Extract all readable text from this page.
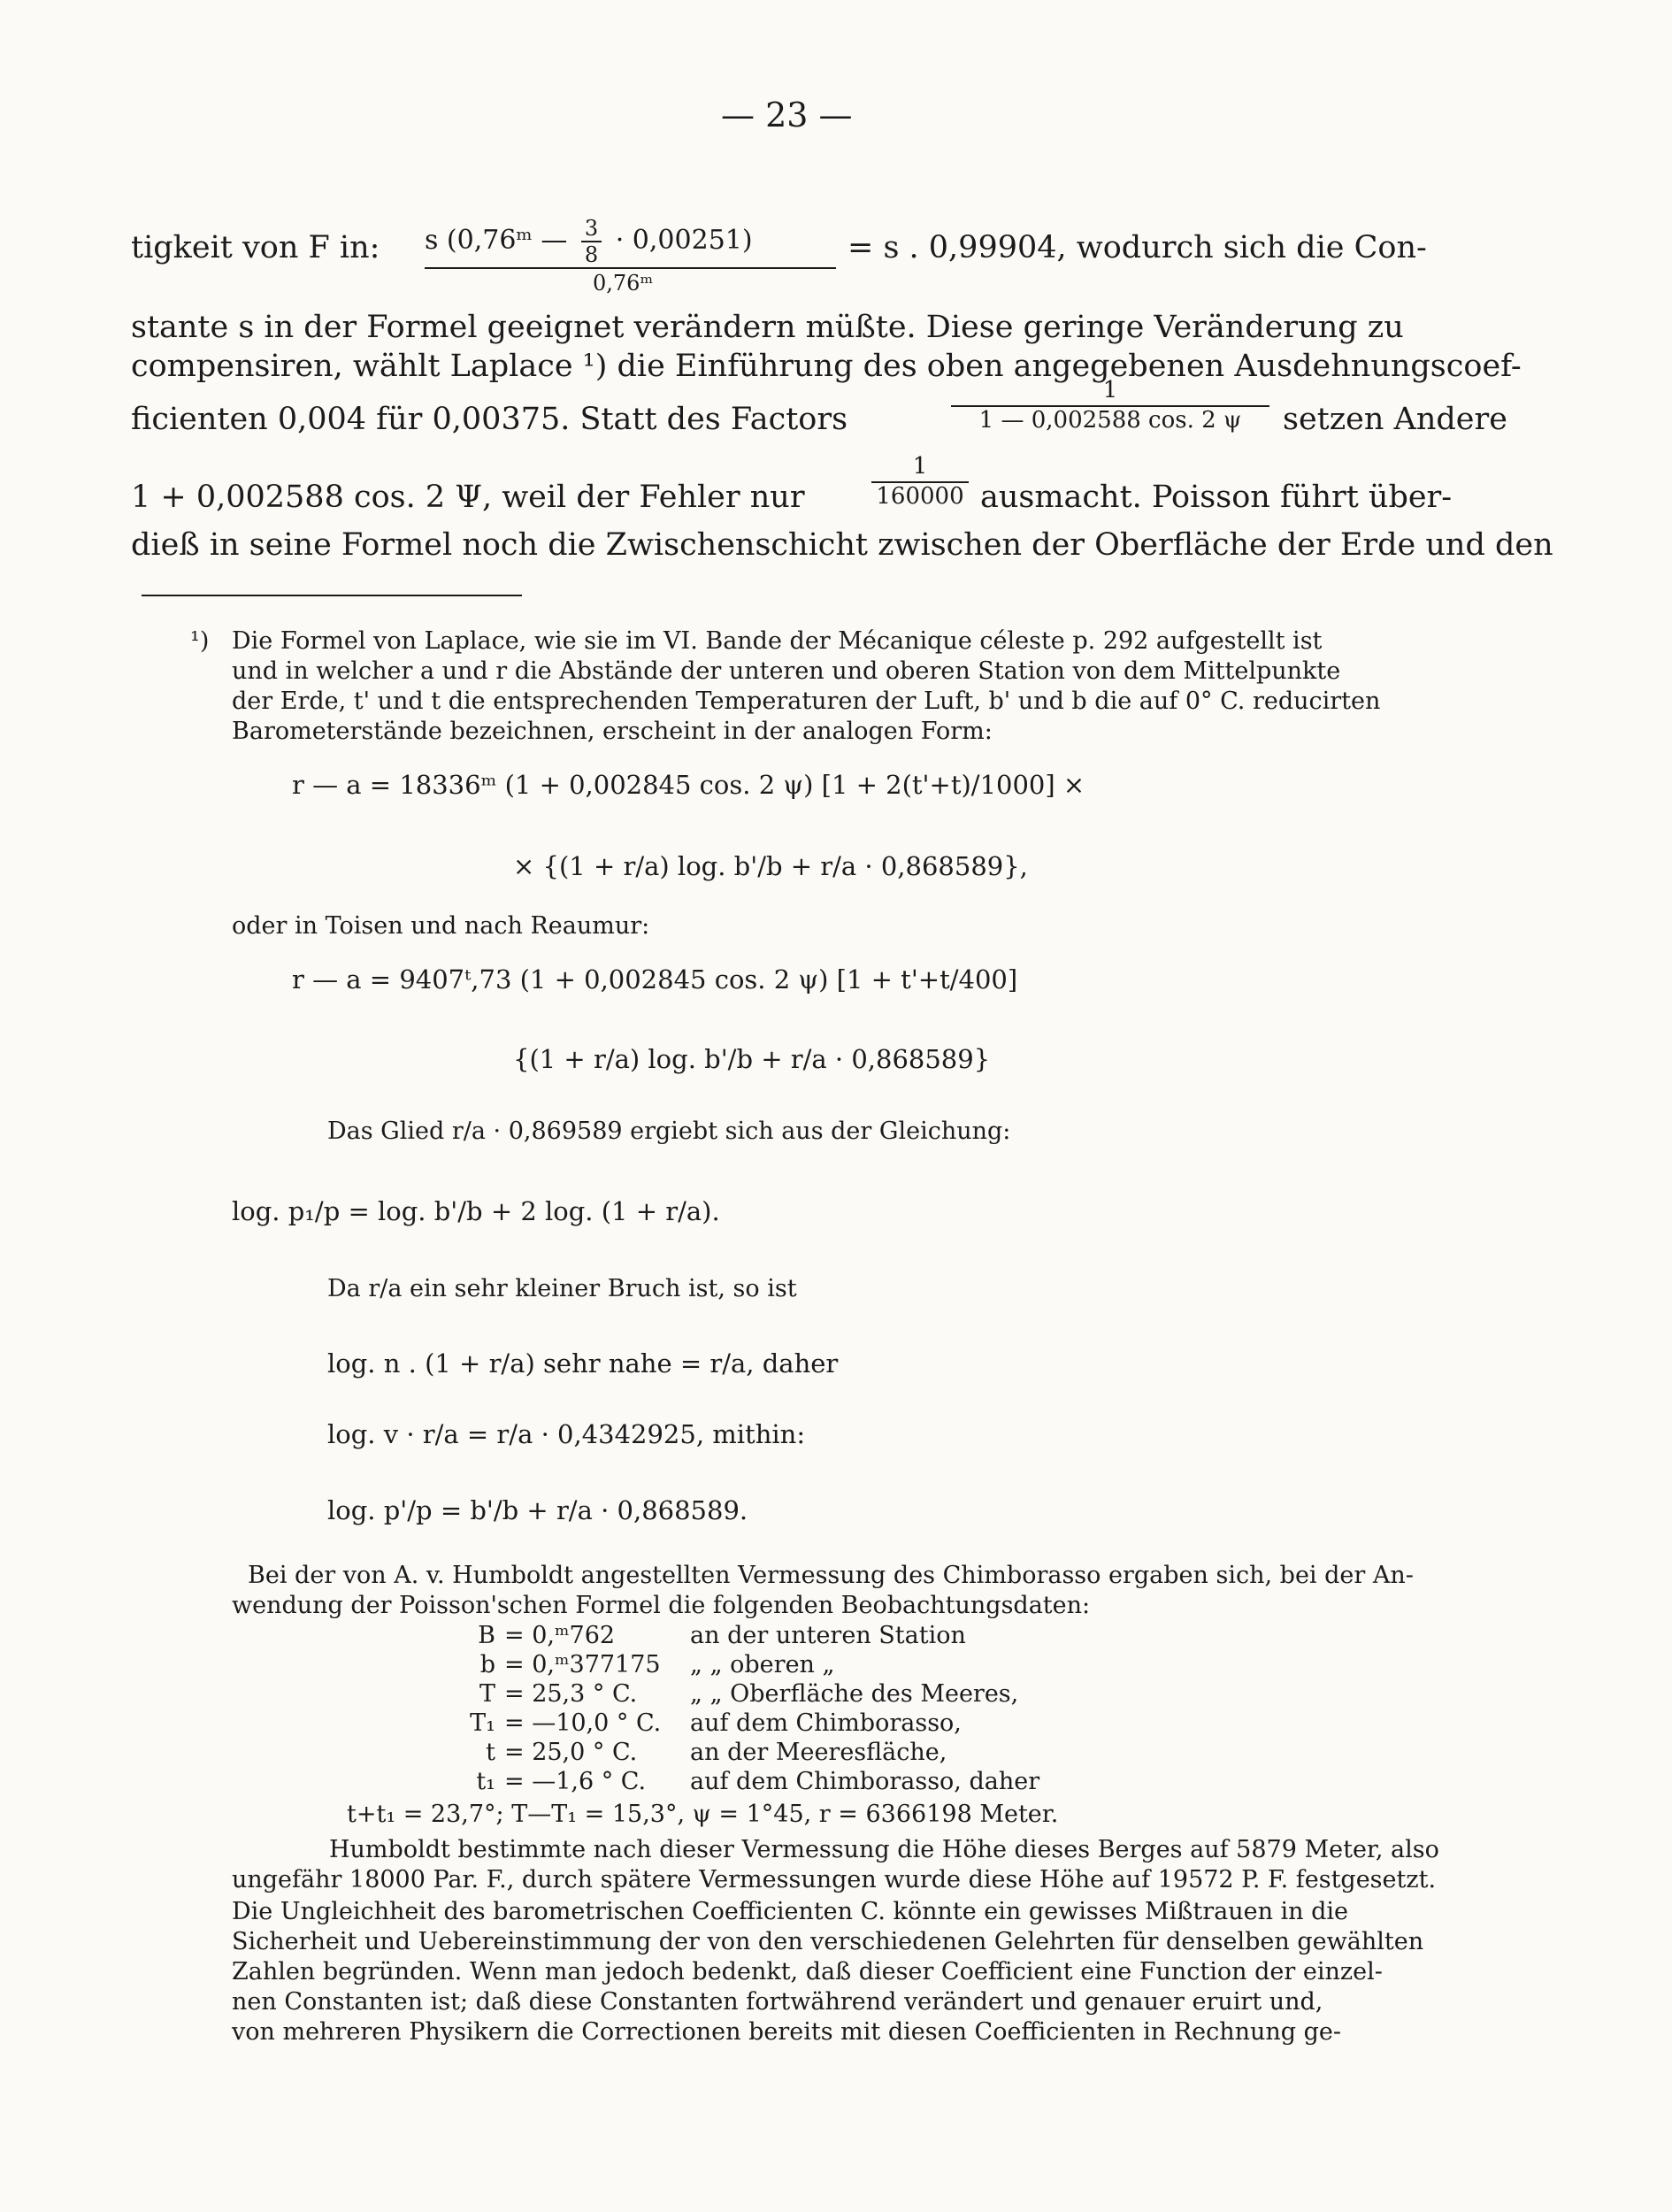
— 23 —
tigkeit von F in: s (0,76ᵐ — $\frac{3}{8} \cdot 0,00251$)
0,76ᵐ
= s . 0,99904, wodurch sich die Con-
stante s in der Formel geeignet verändern müßte. Diese geringe Veränderung zu
compensiren, wählt Laplace ¹) die Einführung des oben angegebenen Ausdehnungscoef-
ficienten 0,004 für 0,00375. Statt des Factors	$\frac{1}{1 — 0,002588 \cos. 2 \psi}$ setzen Andere
1 + 0,002588 cos. 2 Ψ, weil der Fehler nur	$\frac{1}{160000}$ ausmacht. Poisson führt über-
dieß in seine Formel noch die Zwischenschicht zwischen der Oberfläche der Erde und den
¹) Die Formel von Laplace, wie sie im VI. Bande der Mécanique céleste p. 292 aufgestellt ist
und in welcher a und r die Abstände der unteren und oberen Station von dem Mittelpunkte
der Erde, t' und t die entsprechenden Temperaturen der Luft, b' und b die auf 0° C. reducirten
Barometerstände bezeichnen, erscheint in der analogen Form:
r — a = 18336ᵐ (1 + 0,002845 cos. 2 ψ) [1 + 2(t'+t)/1000] ×
× {(1 + r/a) log. b'/b + r/a · 0,868589},
oder in Toisen und nach Reaumur:
r — a = 9407ᵗ,73 (1 + 0,002845 cos. 2 ψ) [1 + t'+t/400]
{(1 + r/a) log. b'/b + r/a · 0,868589}
Das Glied r/a · 0,869589 ergiebt sich aus der Gleichung:
log. p₁/p = log. b'/b + 2 log. (1 + r/a).
Da r/a ein sehr kleiner Bruch ist, so ist
log. n . (1 + r/a) sehr nahe = r/a, daher
log. v · r/a = r/a · 0,4342925, mithin:
log. p'/p = b'/b + r/a · 0,868589.
Bei der von A. v. Humboldt angestellten Vermessung des Chimborasso ergaben sich, bei der An-
wendung der Poisson'schen Formel die folgenden Beobachtungsdaten:
B	= 0,ᵐ762	an der unteren Station
b	= 0,ᵐ377175	„ „ oberen „
T	= 25,3 ° C.	„ „ Oberfläche des Meeres,
T₁	= —10,0 ° C.	auf dem Chimborasso,
t	= 25,0 ° C.	an der Meeresfläche,
t₁	= —1,6 ° C.	auf dem Chimborasso, daher
t+t₁ = 23,7°; T—T₁ = 15,3°, ψ = 1°45, r = 6366198 Meter.
Humboldt bestimmte nach dieser Vermessung die Höhe dieses Berges auf 5879 Meter, also
ungefähr 18000 Par. F., durch spätere Vermessungen wurde diese Höhe auf 19572 P. F. festgesetzt.
Die Ungleichheit des barometrischen Coefficienten C. könnte ein gewisses Mißtrauen in die
Sicherheit und Uebereinstimmung der von den verschiedenen Gelehrten für denselben gewählten
Zahlen begründen. Wenn man jedoch bedenkt, daß dieser Coefficient eine Function der einzel-
nen Constanten ist; daß diese Constanten fortwährend verändert und genauer eruirt und,
von mehreren Physikern die Correctionen bereits mit diesen Coefficienten in Rechnung ge-
